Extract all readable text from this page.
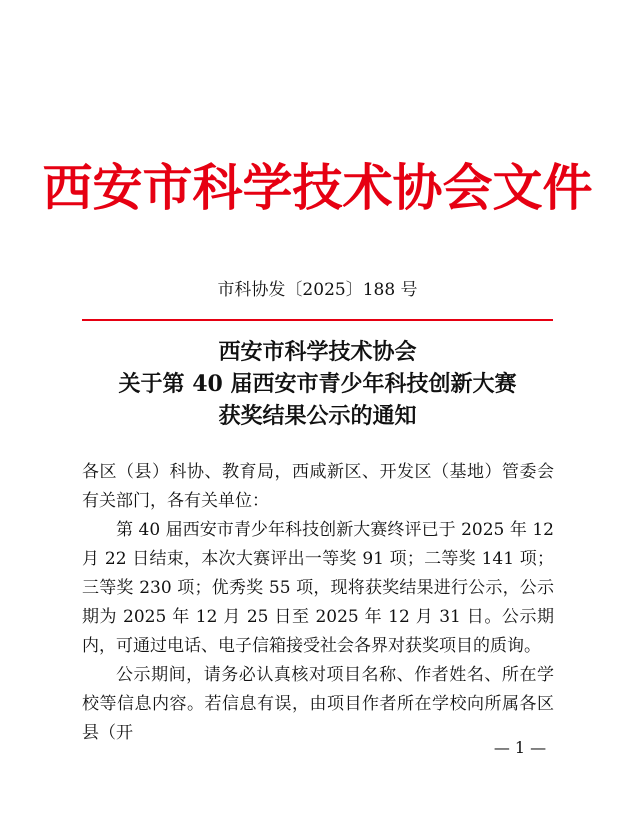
西安市科学技术协会文件
市科协发〔2025〕188 号
西安市科学技术协会
关于第 40 届西安市青少年科技创新大赛
获奖结果公示的通知

各区（县）科协、教育局，西咸新区、开发区（基地）管委会有关部门，各有关单位：

第 40 届西安市青少年科技创新大赛终评已于 2025 年 12 月 22 日结束，本次大赛评出一等奖 91 项；二等奖 141 项；三等奖 230 项；优秀奖 55 项，现将获奖结果进行公示，公示期为 2025 年 12 月 25 日至 2025 年 12 月 31 日。公示期内，可通过电话、电子信箱接受社会各界对获奖项目的质询。

公示期间，请务必认真核对项目名称、作者姓名、所在学校等信息内容。若信息有误，由项目作者所在学校向所属各区县（开

— 1 —
